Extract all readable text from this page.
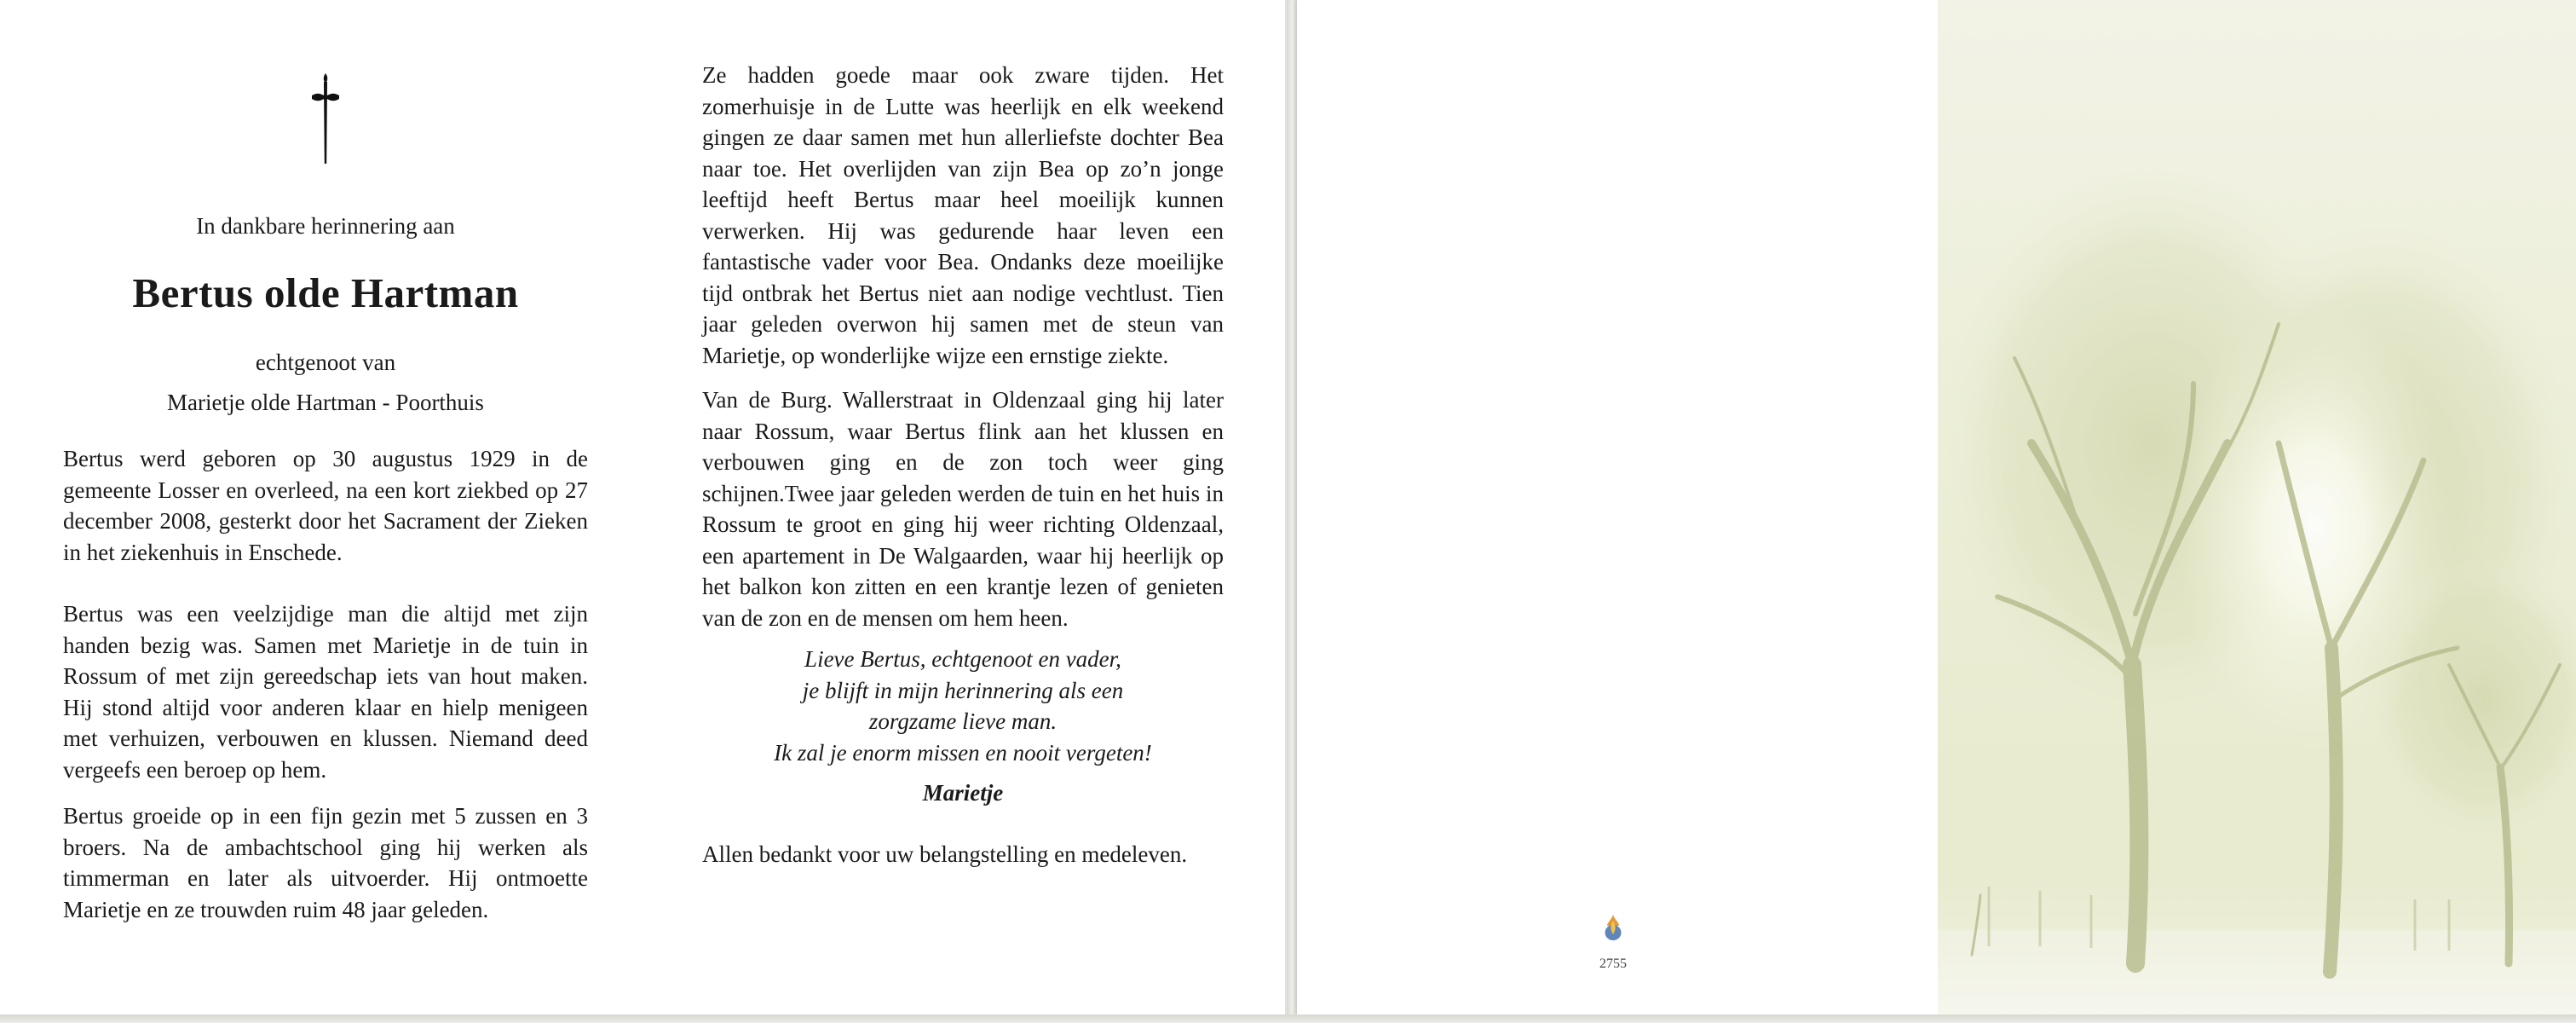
In dankbare herinnering aan
Bertus olde Hartman
echtgenoot van
Marietje olde Hartman - Poorthuis

Bertus werd geboren op 30 augustus 1929 in de gemeente Losser en overleed, na een kort ziekbed op 27 december 2008, gesterkt door het Sacrament der Zieken in het ziekenhuis in Enschede.

Bertus was een veelzijdige man die altijd met zijn handen bezig was. Samen met Marietje in de tuin in Rossum of met zijn gereedschap iets van hout maken. Hij stond altijd voor anderen klaar en hielp menigeen met verhuizen, verbouwen en klussen. Niemand deed vergeefs een beroep op hem.

Bertus groeide op in een fijn gezin met 5 zussen en 3 broers. Na de ambachtschool ging hij werken als timmerman en later als uitvoerder. Hij ontmoette Marietje en ze trouwden ruim 48 jaar geleden.

Ze hadden goede maar ook zware tijden. Het zomerhuisje in de Lutte was heerlijk en elk weekend gingen ze daar samen met hun allerliefste dochter Bea naar toe. Het overlijden van zijn Bea op zo’n jonge leeftijd heeft Bertus maar heel moeilijk kunnen verwerken. Hij was gedurende haar leven een fantastische vader voor Bea. Ondanks deze moeilijke tijd ontbrak het Bertus niet aan nodige vechtlust. Tien jaar geleden overwon hij samen met de steun van Marietje, op wonderlijke wijze een ernstige ziekte.

Van de Burg. Wallerstraat in Oldenzaal ging hij later naar Rossum, waar Bertus flink aan het klussen en verbouwen ging en de zon toch weer ging schijnen.Twee jaar geleden werden de tuin en het huis in Rossum te groot en ging hij weer richting Oldenzaal, een apartement in De Walgaarden, waar hij heerlijk op het balkon kon zitten en een krantje lezen of genieten van de zon en de mensen om hem heen.

Lieve Bertus, echtgenoot en vader,
je blijft in mijn herinnering als een
zorgzame lieve man.
Ik zal je enorm missen en nooit vergeten!
Marietje

Allen bedankt voor uw belangstelling en medeleven.

2755
